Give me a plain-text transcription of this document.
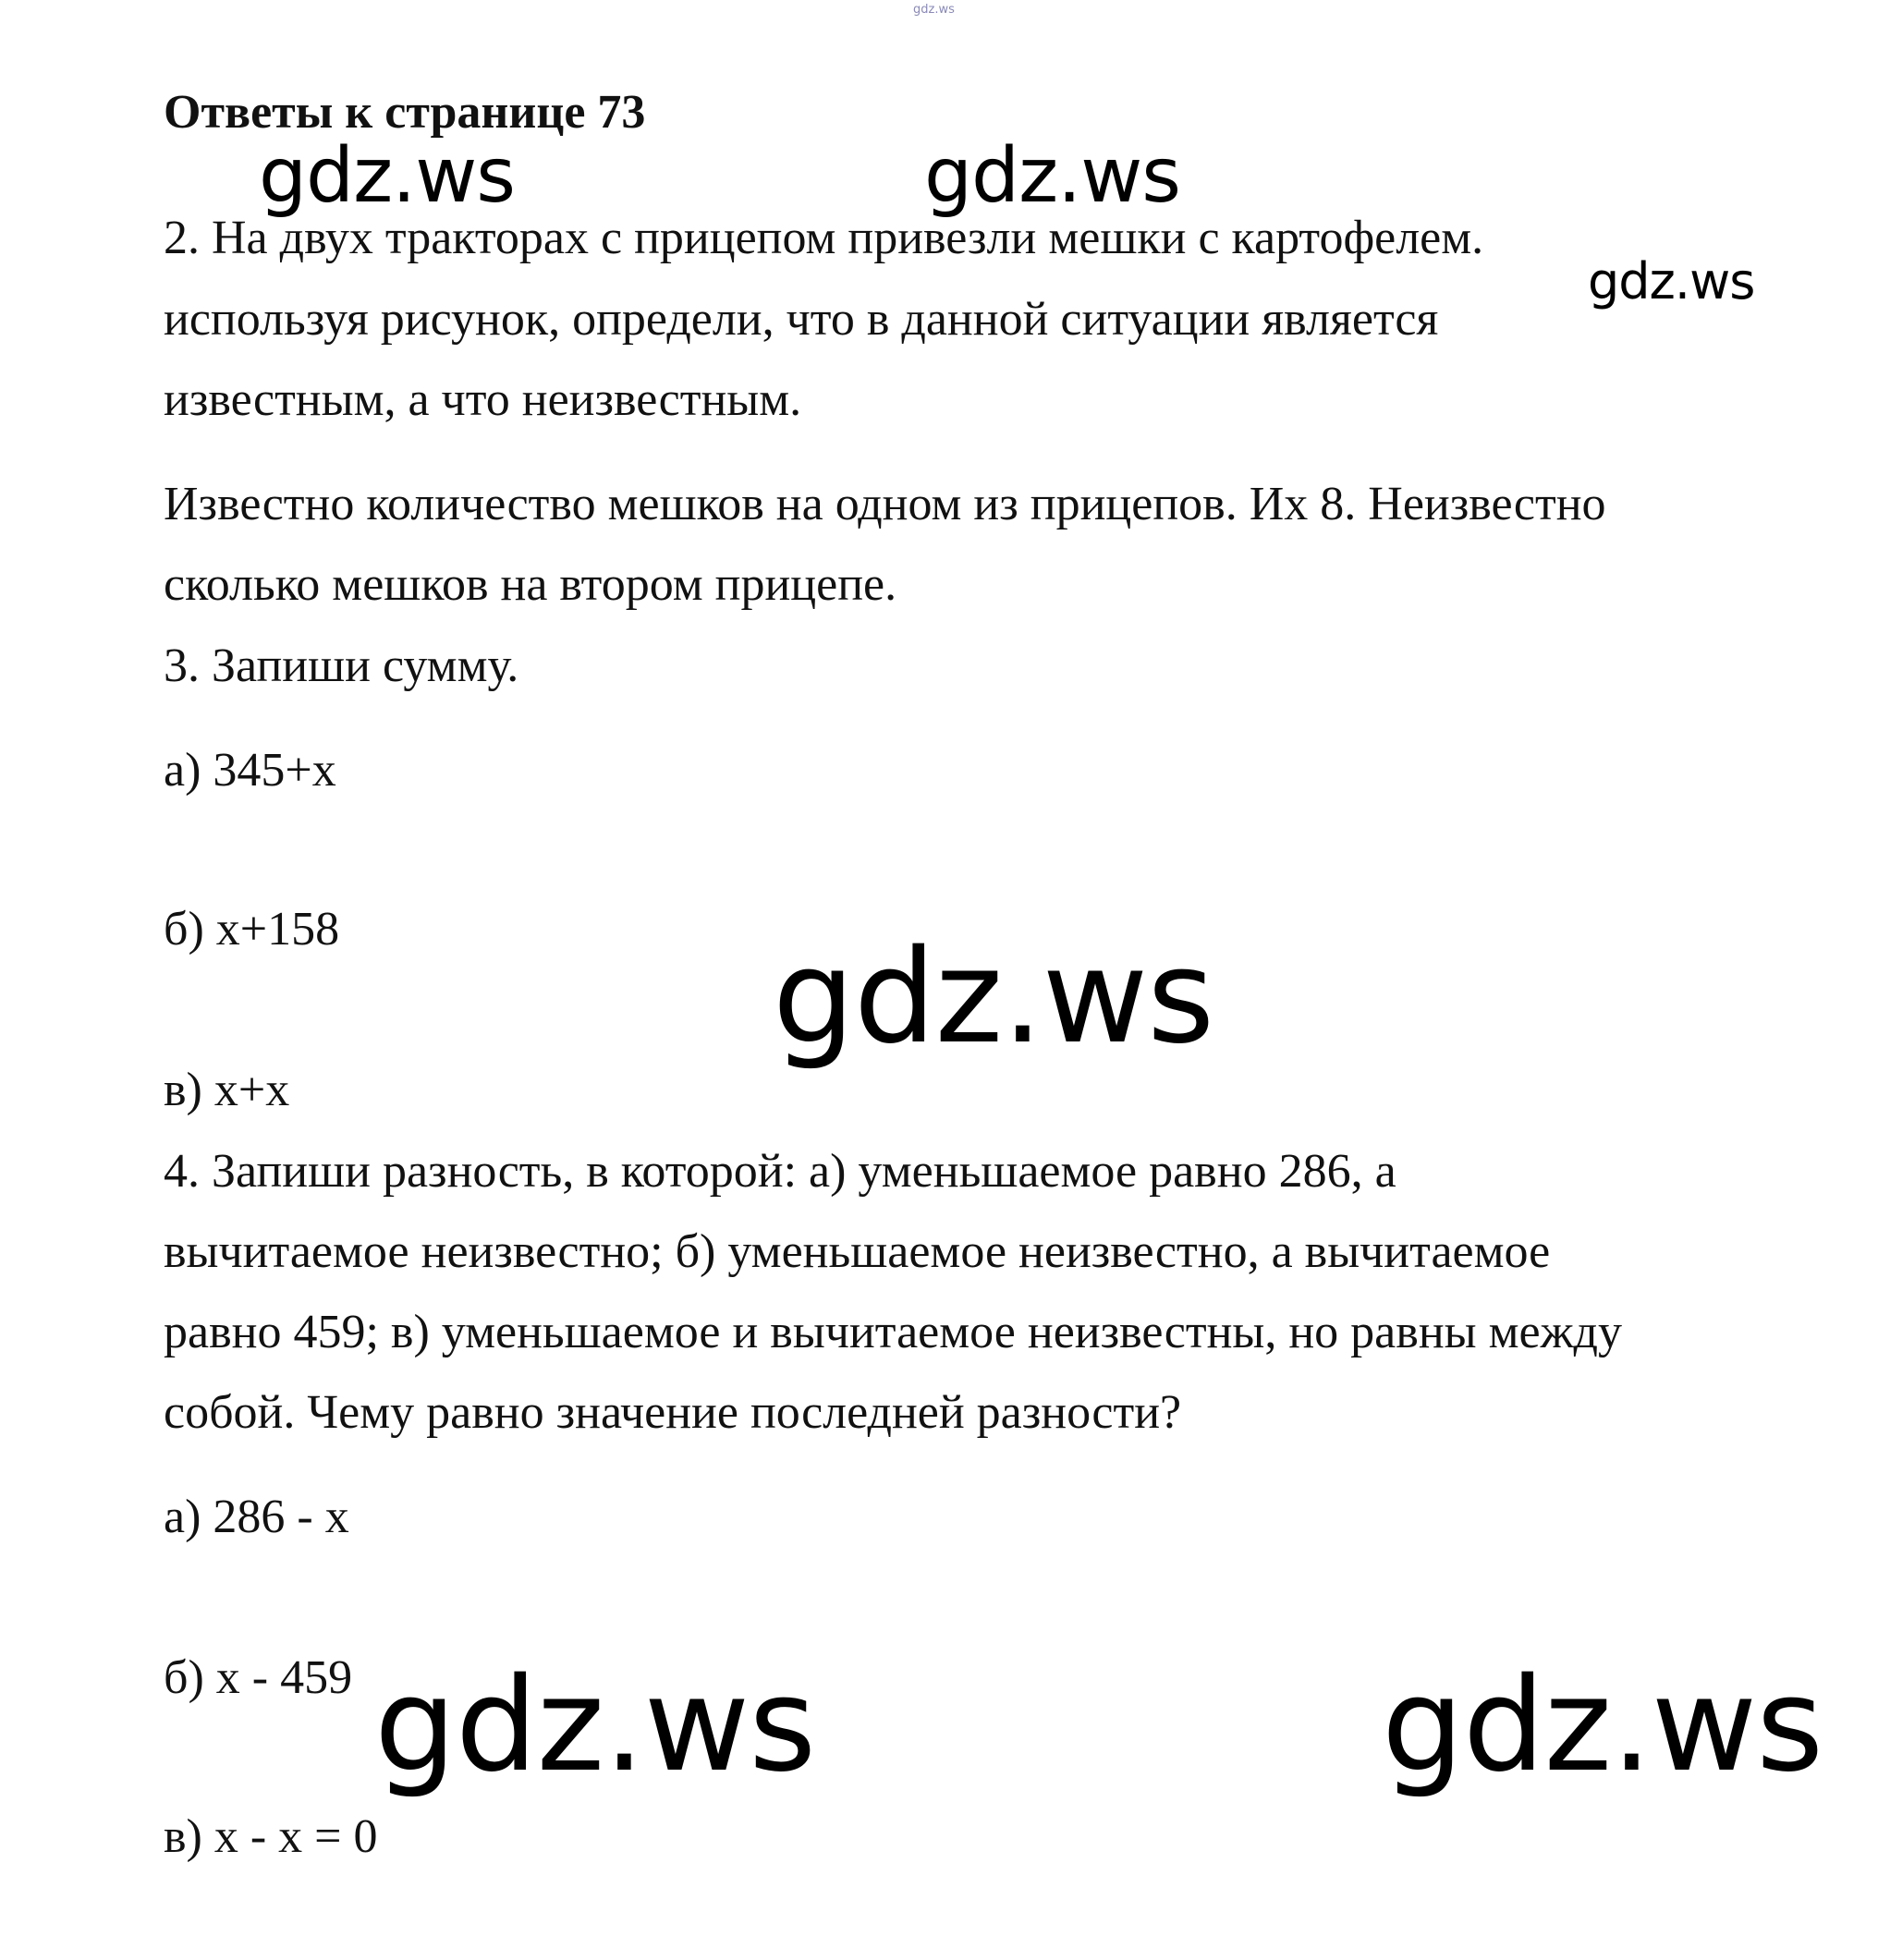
gdz.ws
Ответы к странице 73
gdz.ws	gdz.ws
2. На двух тракторах с прицепом привезли мешки с картофелем.
gdz.ws
используя рисунок, определи, что в данной ситуации является
известным, а что неизвестным.
Известно количество мешков на одном из прицепов. Их 8. Неизвестно
сколько мешков на втором прицепе.
3. Запиши сумму.
а) 345+x
б) x+158	gdz.ws
в) x+x
4. Запиши разность, в которой: а) уменьшаемое равно 286, а
вычитаемое неизвестно; б) уменьшаемое неизвестно, а вычитаемое
равно 459; в) уменьшаемое и вычитаемое неизвестны, но равны между
собой. Чему равно значение последней разности?
а) 286 - x
б) x - 459 gdz.ws	gdz.ws
в) x - x = 0
